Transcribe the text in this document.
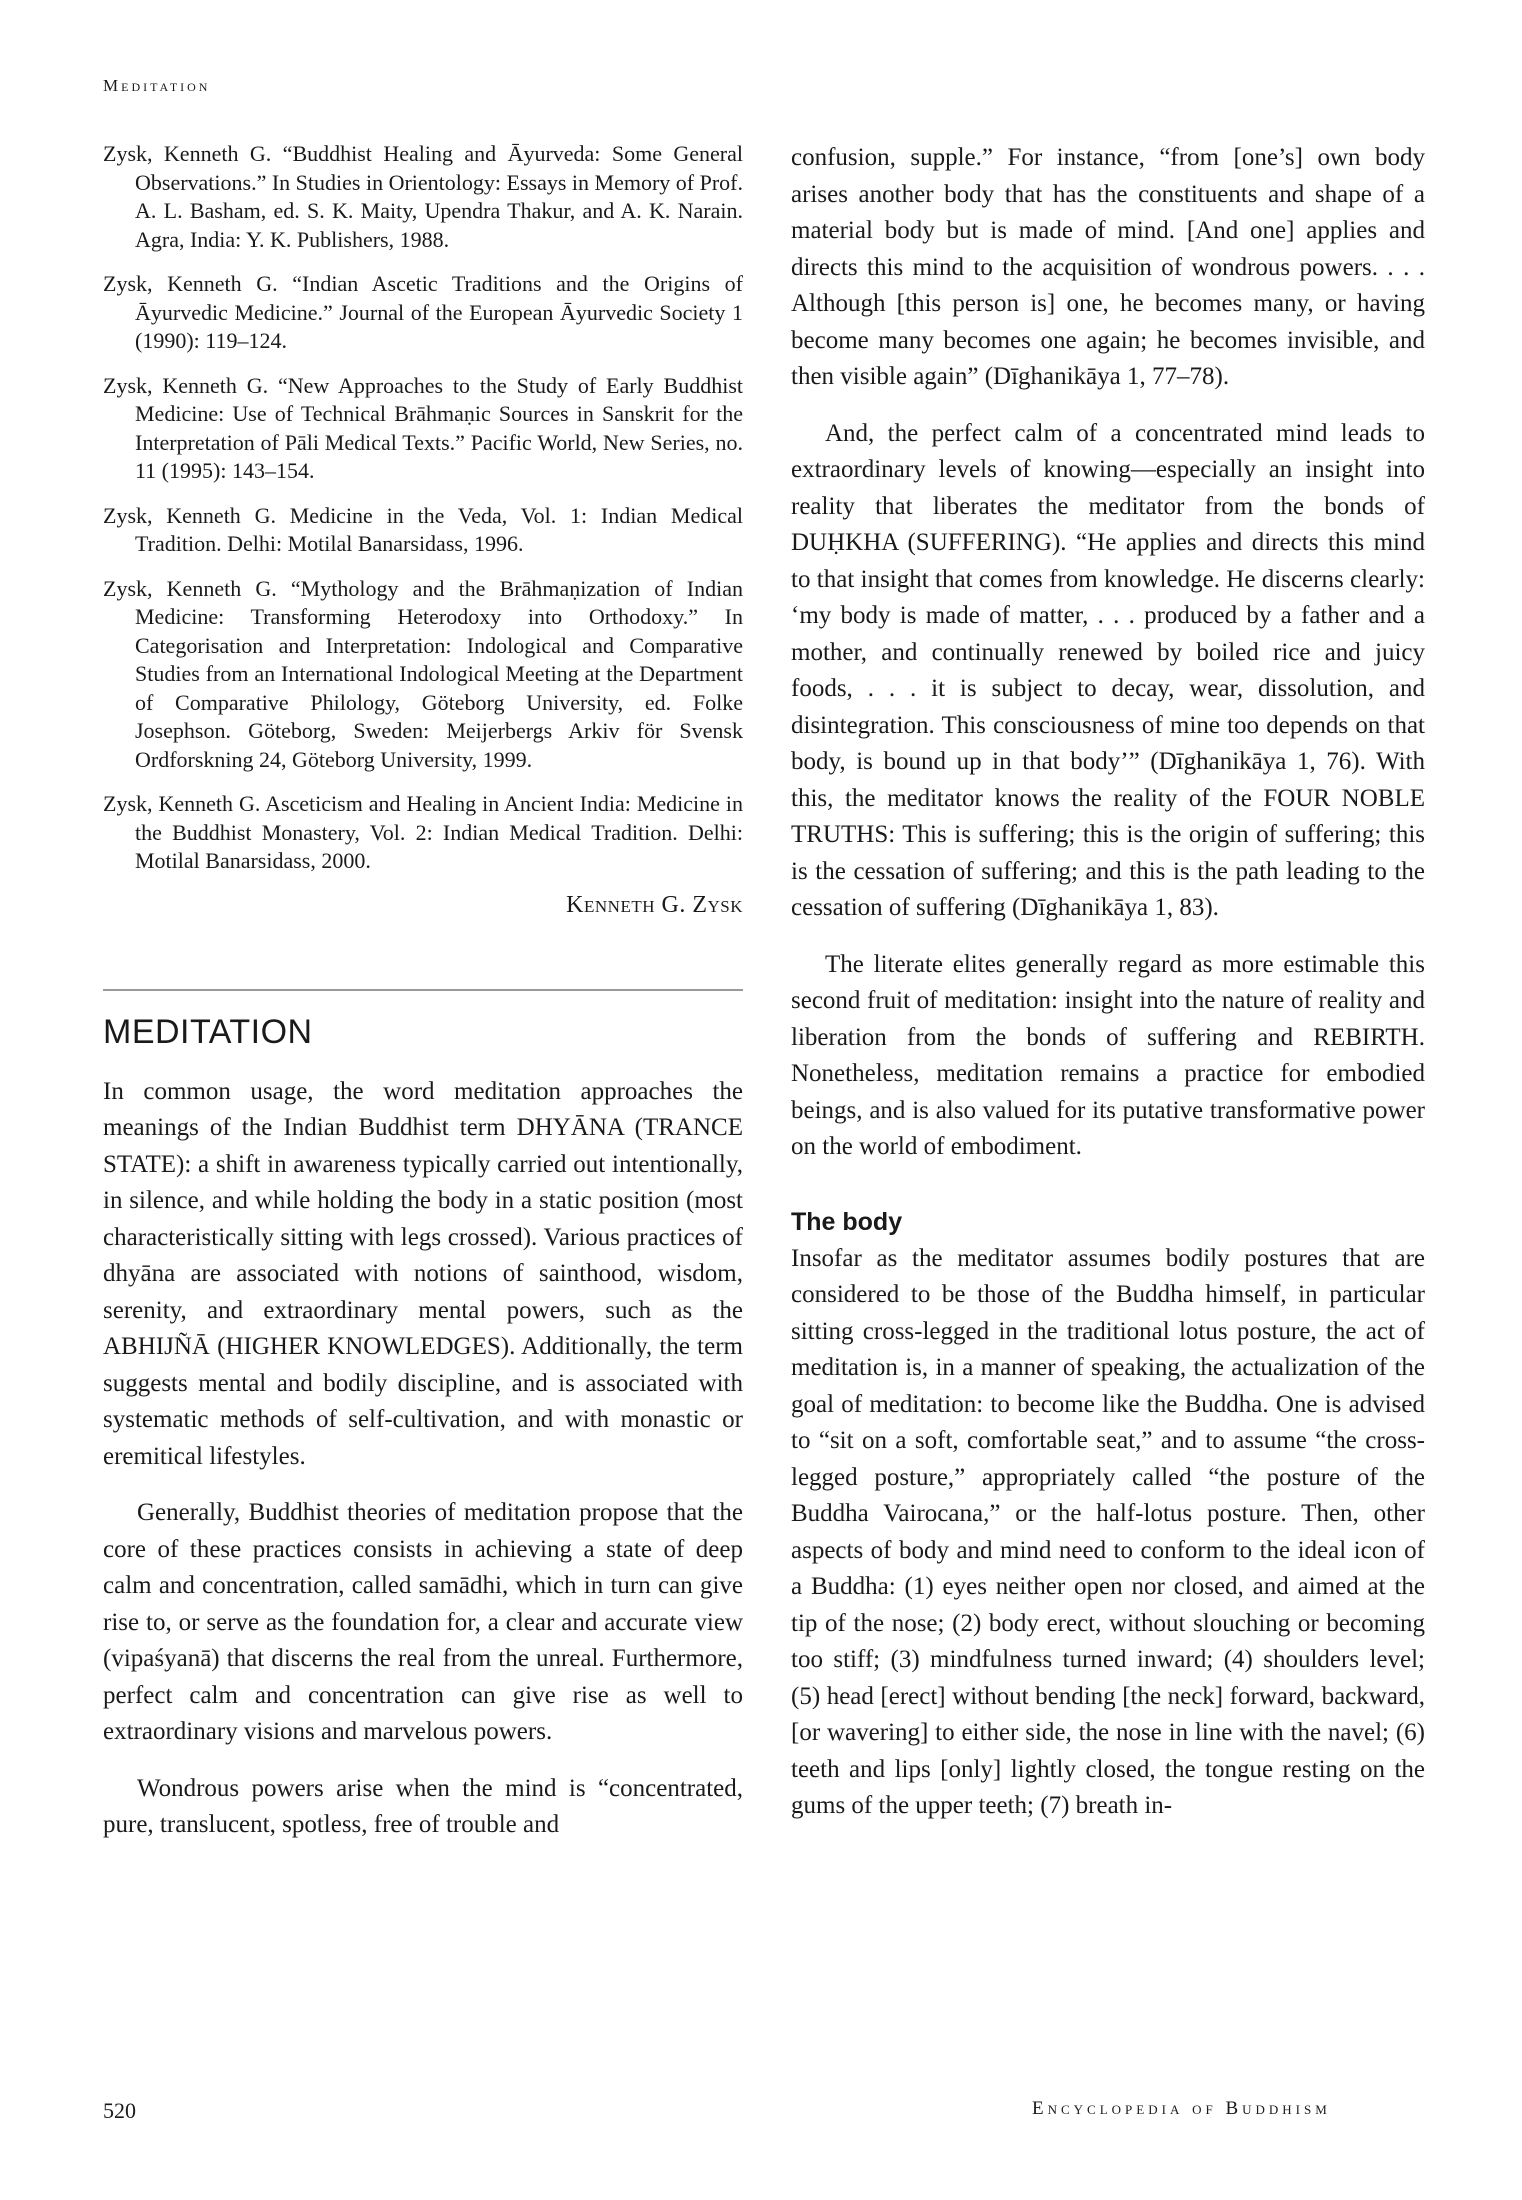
Meditation

Zysk, Kenneth G. “Buddhist Healing and Āyurveda: Some General Observations.” In Studies in Orientology: Essays in Memory of Prof. A. L. Basham, ed. S. K. Maity, Upendra Thakur, and A. K. Narain. Agra, India: Y. K. Publishers, 1988.

Zysk, Kenneth G. “Indian Ascetic Traditions and the Origins of Āyurvedic Medicine.” Journal of the European Āyurvedic Society 1 (1990): 119–124.

Zysk, Kenneth G. “New Approaches to the Study of Early Buddhist Medicine: Use of Technical Brāhmaṇic Sources in Sanskrit for the Interpretation of Pāli Medical Texts.” Pacific World, New Series, no. 11 (1995): 143–154.

Zysk, Kenneth G. Medicine in the Veda, Vol. 1: Indian Medical Tradition. Delhi: Motilal Banarsidass, 1996.

Zysk, Kenneth G. “Mythology and the Brāhmaṇization of Indian Medicine: Transforming Heterodoxy into Orthodoxy.” In Categorisation and Interpretation: Indological and Comparative Studies from an International Indological Meeting at the Department of Comparative Philology, Göteborg University, ed. Folke Josephson. Göteborg, Sweden: Meijerbergs Arkiv för Svensk Ordforskning 24, Göteborg University, 1999.

Zysk, Kenneth G. Asceticism and Healing in Ancient India: Medicine in the Buddhist Monastery, Vol. 2: Indian Medical Tradition. Delhi: Motilal Banarsidass, 2000.

Kenneth G. Zysk
MEDITATION

In common usage, the word meditation approaches the meanings of the Indian Buddhist term DHYĀNA (TRANCE STATE): a shift in awareness typically carried out intentionally, in silence, and while holding the body in a static position (most characteristically sitting with legs crossed). Various practices of dhyāna are associated with notions of sainthood, wisdom, serenity, and extraordinary mental powers, such as the ABHIJÑĀ (HIGHER KNOWLEDGES). Additionally, the term suggests mental and bodily discipline, and is associated with systematic methods of self-cultivation, and with monastic or eremitical lifestyles.

Generally, Buddhist theories of meditation propose that the core of these practices consists in achieving a state of deep calm and concentration, called samādhi, which in turn can give rise to, or serve as the foundation for, a clear and accurate view (vipaśyanā) that discerns the real from the unreal. Furthermore, perfect calm and concentration can give rise as well to extraordinary visions and marvelous powers.

Wondrous powers arise when the mind is “concentrated, pure, translucent, spotless, free of trouble and

confusion, supple.” For instance, “from [one’s] own body arises another body that has the constituents and shape of a material body but is made of mind. [And one] applies and directs this mind to the acquisition of wondrous powers. . . . Although [this person is] one, he becomes many, or having become many becomes one again; he becomes invisible, and then visible again” (Dīghanikāya 1, 77–78).

And, the perfect calm of a concentrated mind leads to extraordinary levels of knowing—especially an insight into reality that liberates the meditator from the bonds of DUḤKHA (SUFFERING). “He applies and directs this mind to that insight that comes from knowledge. He discerns clearly: ‘my body is made of matter, . . . produced by a father and a mother, and continually renewed by boiled rice and juicy foods, . . . it is subject to decay, wear, dissolution, and disintegration. This consciousness of mine too depends on that body, is bound up in that body’” (Dīghanikāya 1, 76). With this, the meditator knows the reality of the FOUR NOBLE TRUTHS: This is suffering; this is the origin of suffering; this is the cessation of suffering; and this is the path leading to the cessation of suffering (Dīghanikāya 1, 83).

The literate elites generally regard as more estimable this second fruit of meditation: insight into the nature of reality and liberation from the bonds of suffering and REBIRTH. Nonetheless, meditation remains a practice for embodied beings, and is also valued for its putative transformative power on the world of embodiment.

The body

Insofar as the meditator assumes bodily postures that are considered to be those of the Buddha himself, in particular sitting cross-legged in the traditional lotus posture, the act of meditation is, in a manner of speaking, the actualization of the goal of meditation: to become like the Buddha. One is advised to “sit on a soft, comfortable seat,” and to assume “the cross-legged posture,” appropriately called “the posture of the Buddha Vairocana,” or the half-lotus posture. Then, other aspects of body and mind need to conform to the ideal icon of a Buddha: (1) eyes neither open nor closed, and aimed at the tip of the nose; (2) body erect, without slouching or becoming too stiff; (3) mindfulness turned inward; (4) shoulders level; (5) head [erect] without bending [the neck] forward, backward, [or wavering] to either side, the nose in line with the navel; (6) teeth and lips [only] lightly closed, the tongue resting on the gums of the upper teeth; (7) breath in-

520	Encyclopedia of Buddhism
